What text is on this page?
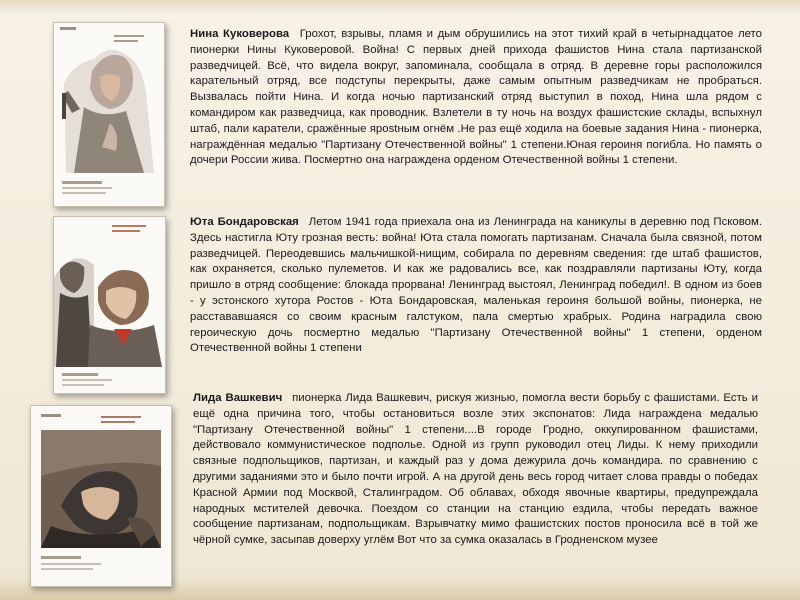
Нина Куковерова Грохот, взрывы, пламя и дым обрушились на этот тихий край в четырнадцатое лето пионерки Нины Куковеровой. Война! С первых дней прихода фашистов Нина стала партизанской разведчицей. Всё, что видела вокруг, запоминала, сообщала в отряд. В деревне горы расположился карательный отряд, все подступы перекрыты, даже самым опытным разведчикам не пробраться. Вызвалась пойти Нина. И когда ночью партизанский отряд выступил в поход, Нина шла рядом с командиром как разведчица, как проводник. Взлетели в ту ночь на воздух фашистские склады, вспыхнул штаб, пали каратели, сражённые ярostным огнём .Не раз ещё ходила на боевые задания Нина - пионерка, награждённая медалью "Партизану Отечественной войны" 1 степени.Юная героиня погибла. Но память о дочери России жива. Посмертно она награждена орденом Отечественной войны 1 степени.
Юта Бондаровская Летом 1941 года приехала она из Ленинграда на каникулы в деревню под Псковом. Здесь настигла Юту грозная весть: война! Юта стала помогать партизанам. Сначала была связной, потом разведчицей. Переодевшись мальчишкой-нищим, собирала по деревням сведения: где штаб фашистов, как охраняется, сколько пулеметов. И как же радовались все, как поздравляли партизаны Юту, когда пришло в отряд сообщение: блокада прорвана! Ленинград выстоял, Ленинград победил!. В одном из боев - у эстонского хутора Ростов - Юта Бондаровская, маленькая героиня большой войны, пионерка, не расстававшаяся со своим красным галстуком, пала смертью храбрых. Родина наградила свою героическую дочь посмертно медалью "Партизану Отечественной войны" 1 степени, орденом Отечественной войны 1 степени
Лида Вашкевич пионерка Лида Вашкевич, рискуя жизнью, помогла вести борьбу с фашистами. Есть и ещё одна причина того, чтобы остановиться возле этих экспонатов: Лида награждена медалью "Партизану Отечественной войны" 1 степени....В городе Гродно, оккупированном фашистами, действовало коммунистическое подполье. Одной из групп руководил отец Лиды. К нему приходили связные подпольщиков, партизан, и каждый раз у дома дежурила дочь командира. по сравнению с другими заданиями это и было почти игрой. А на другой день весь город читает слова правды о победах Красной Армии под Москвой, Сталинградом. Об облавах, обходя явочные квартиры, предупреждала народных мстителей девочка. Поездом со станции на станцию ездила, чтобы передать важное сообщение партизанам, подпольщикам. Взрывчатку мимо фашистских постов проносила всё в той же чёрной сумке, засыпав доверху углём Вот что за сумка оказалась в Гродненском музее
